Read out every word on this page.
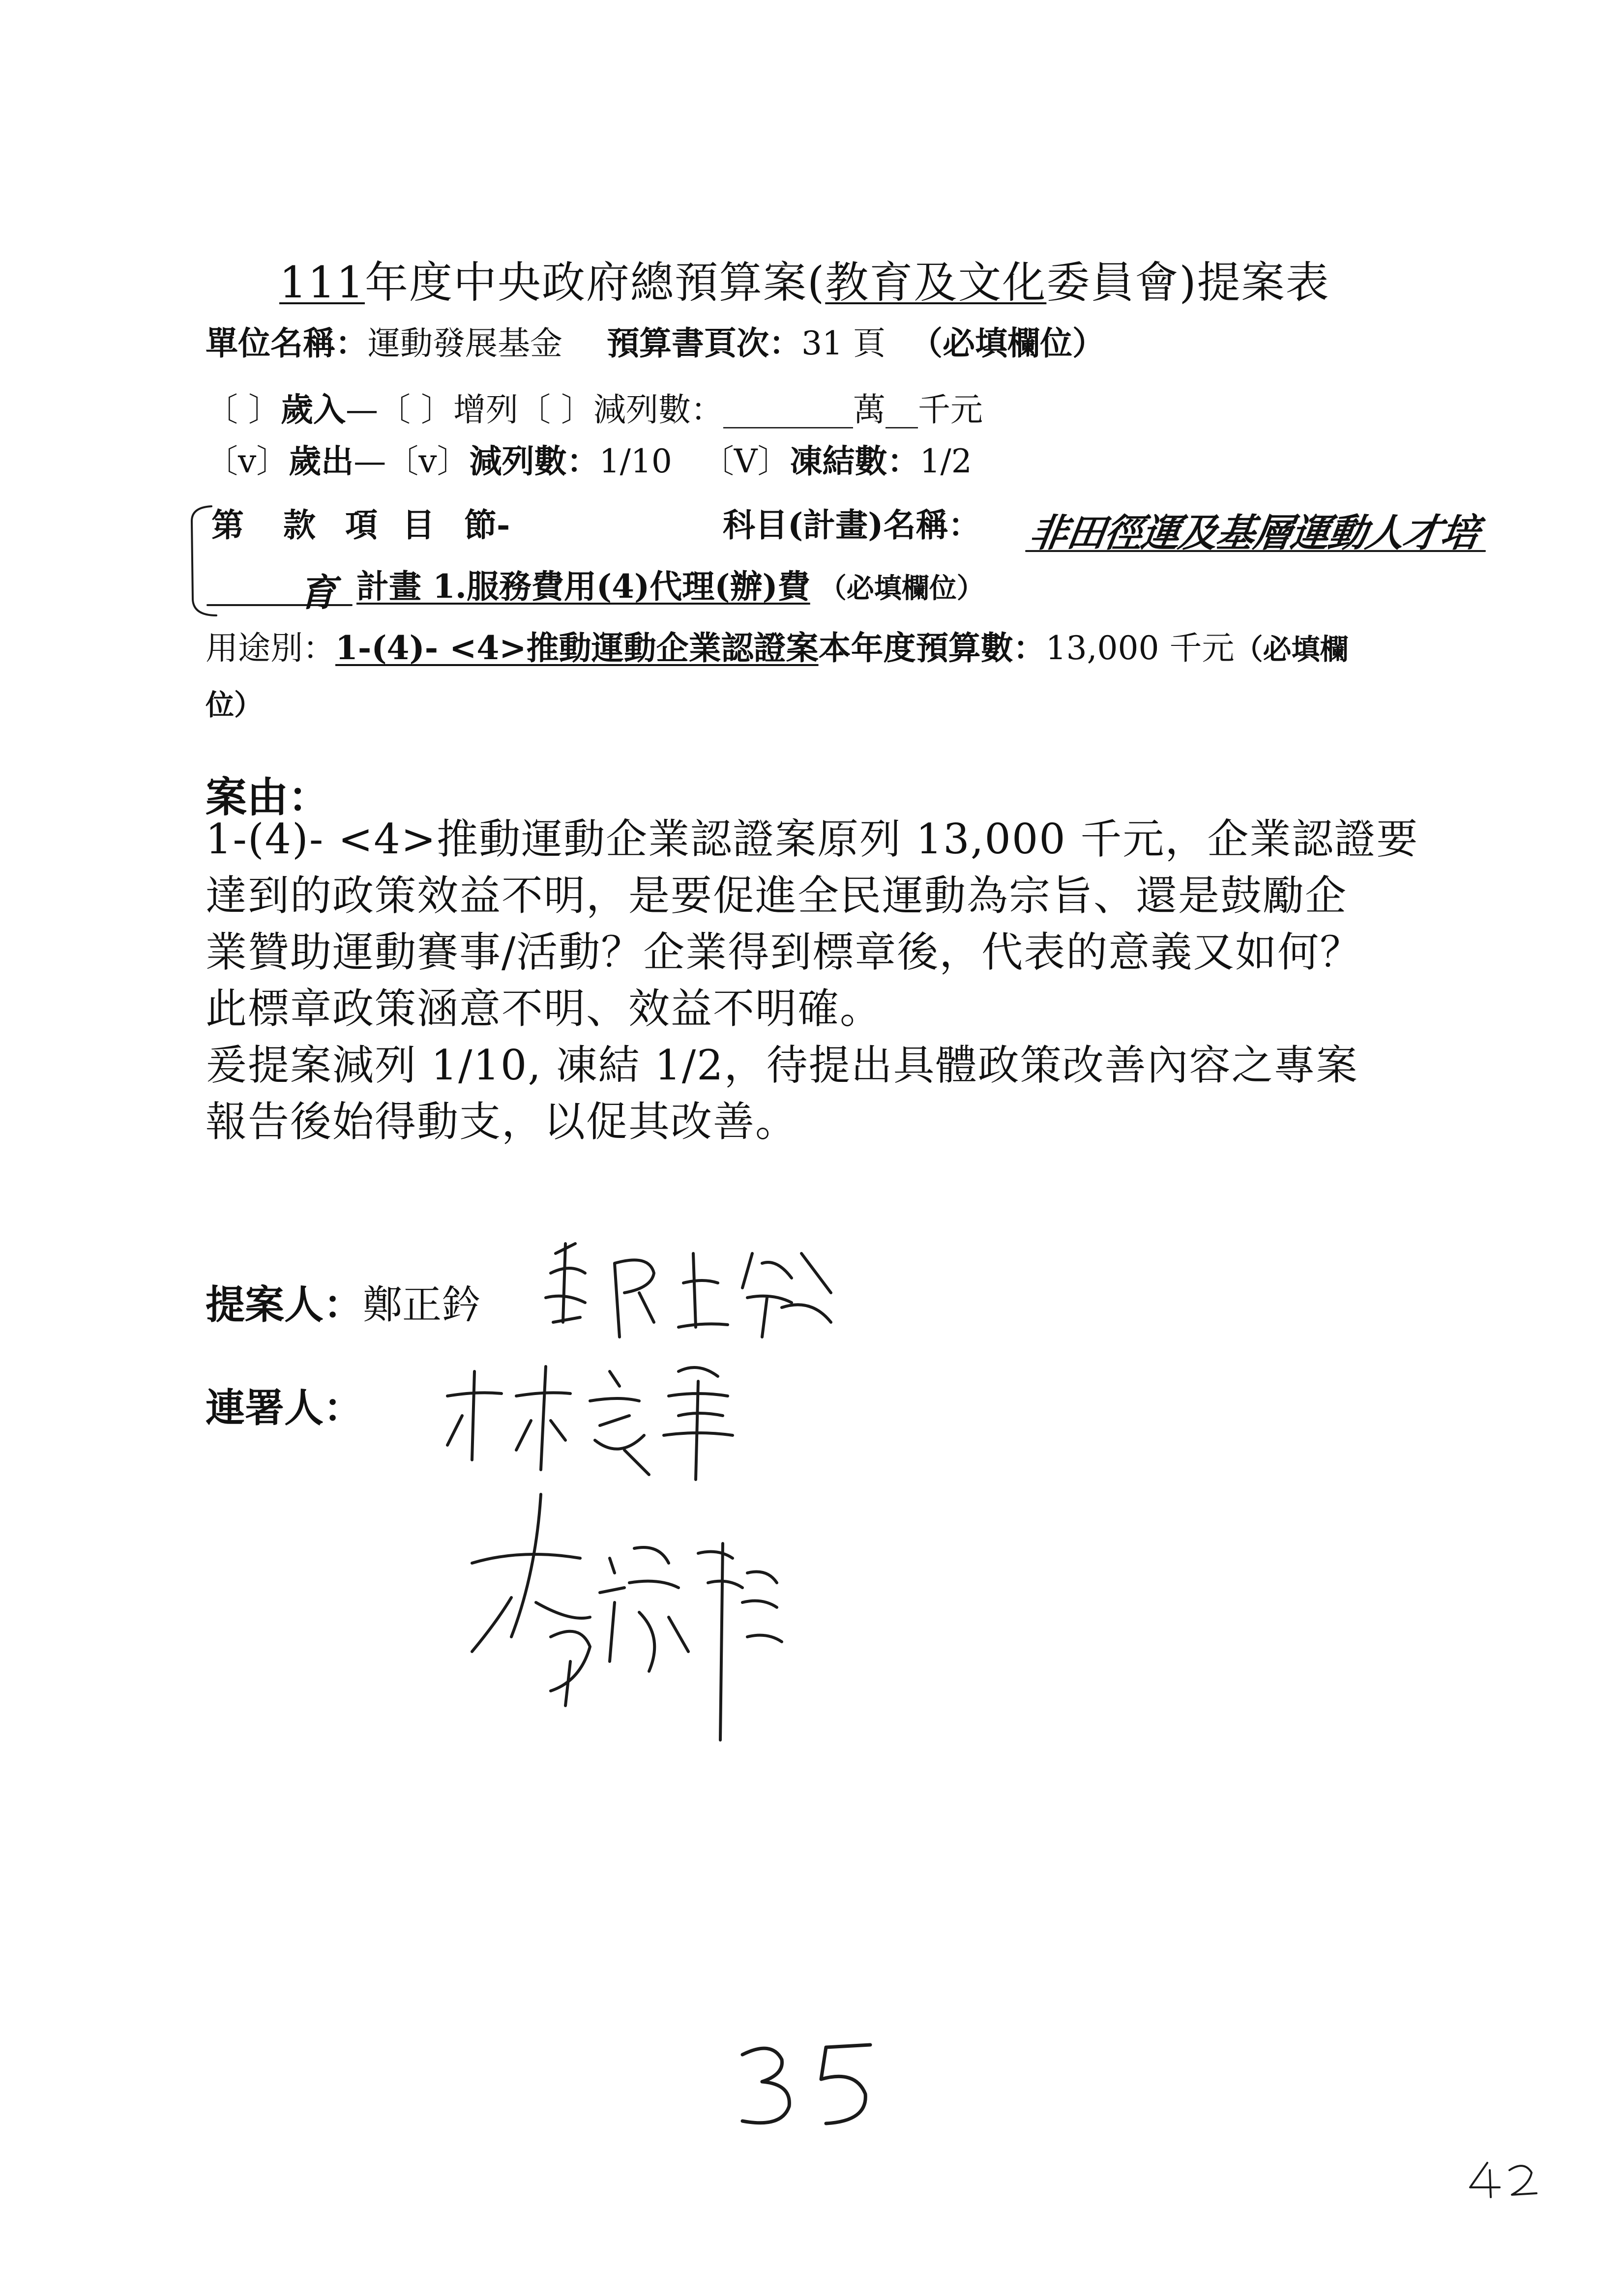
111年度中央政府總預算案(教育及文化委員會)提案表
單位名稱：運動發展基金 預算書頁次：31 頁 （必填欄位）
〔 〕歲入—〔 〕增列〔 〕減列數：________萬__千元
〔v〕歲出—〔v〕減列數：1/10 〔V〕凍結數：1/2
第 款 項 目 節-	科目(計畫)名稱： 非田徑運及基層運動人才培
育 計畫 1.服務費用(4)代理(辦)費 （必填欄位）
用途別：1-(4)- <4>推動運動企業認證案本年度預算數：13,000 千元（必填欄
位）
案由：
1-(4)- <4>推動運動企業認證案原列 13,000 千元，企業認證要
達到的政策效益不明，是要促進全民運動為宗旨、還是鼓勵企
業贊助運動賽事/活動？企業得到標章後，代表的意義又如何？
此標章政策涵意不明、效益不明確。
爰提案減列 1/10, 凍結 1/2，待提出具體政策改善內容之專案
報告後始得動支，以促其改善。
提案人：鄭正鈐
連署人：
